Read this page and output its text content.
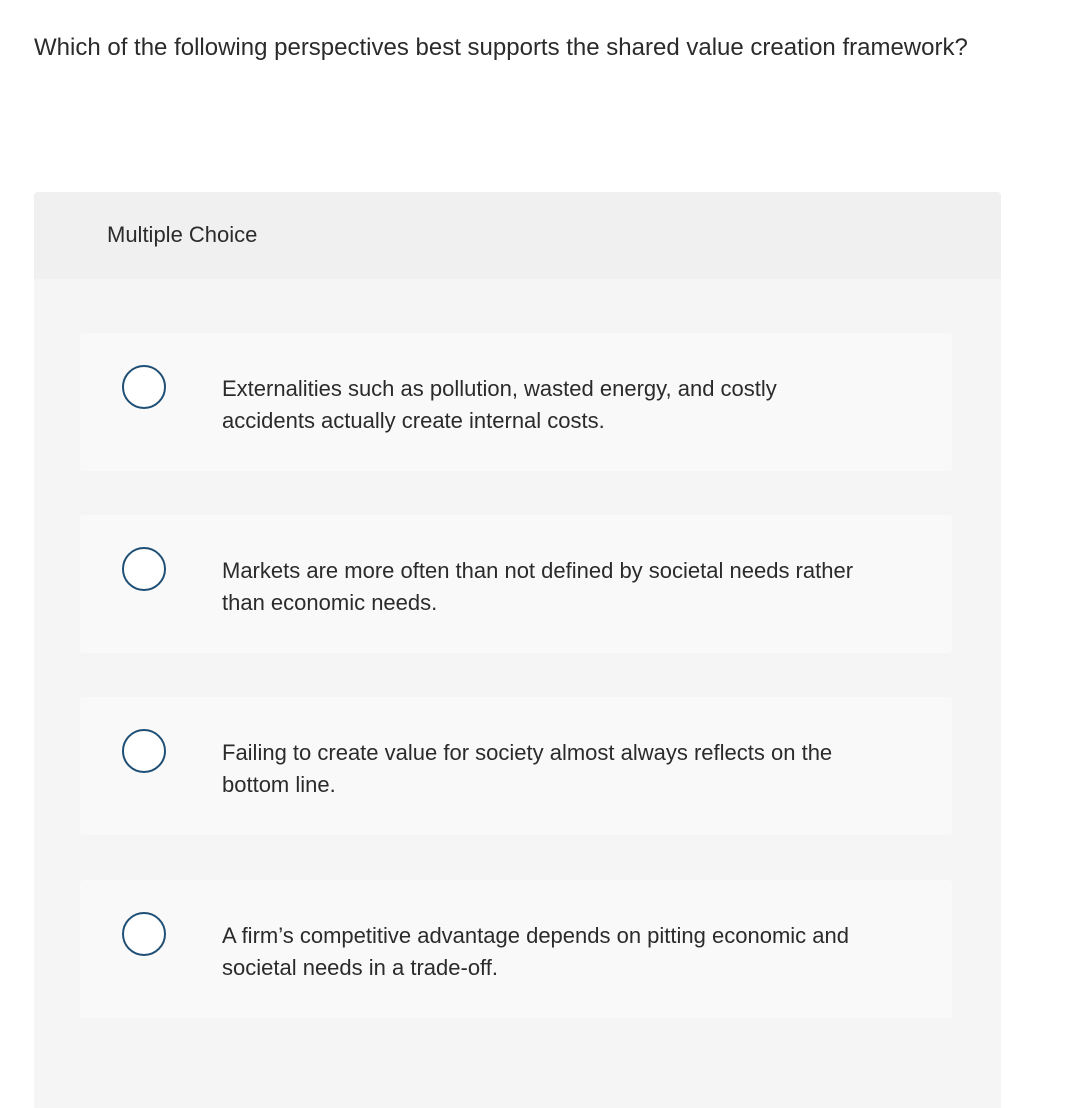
Which of the following perspectives best supports the shared value creation framework?
Multiple Choice
Externalities such as pollution, wasted energy, and costly accidents actually create internal costs.
Markets are more often than not defined by societal needs rather than economic needs.
Failing to create value for society almost always reflects on the bottom line.
A firm’s competitive advantage depends on pitting economic and societal needs in a trade-off.
